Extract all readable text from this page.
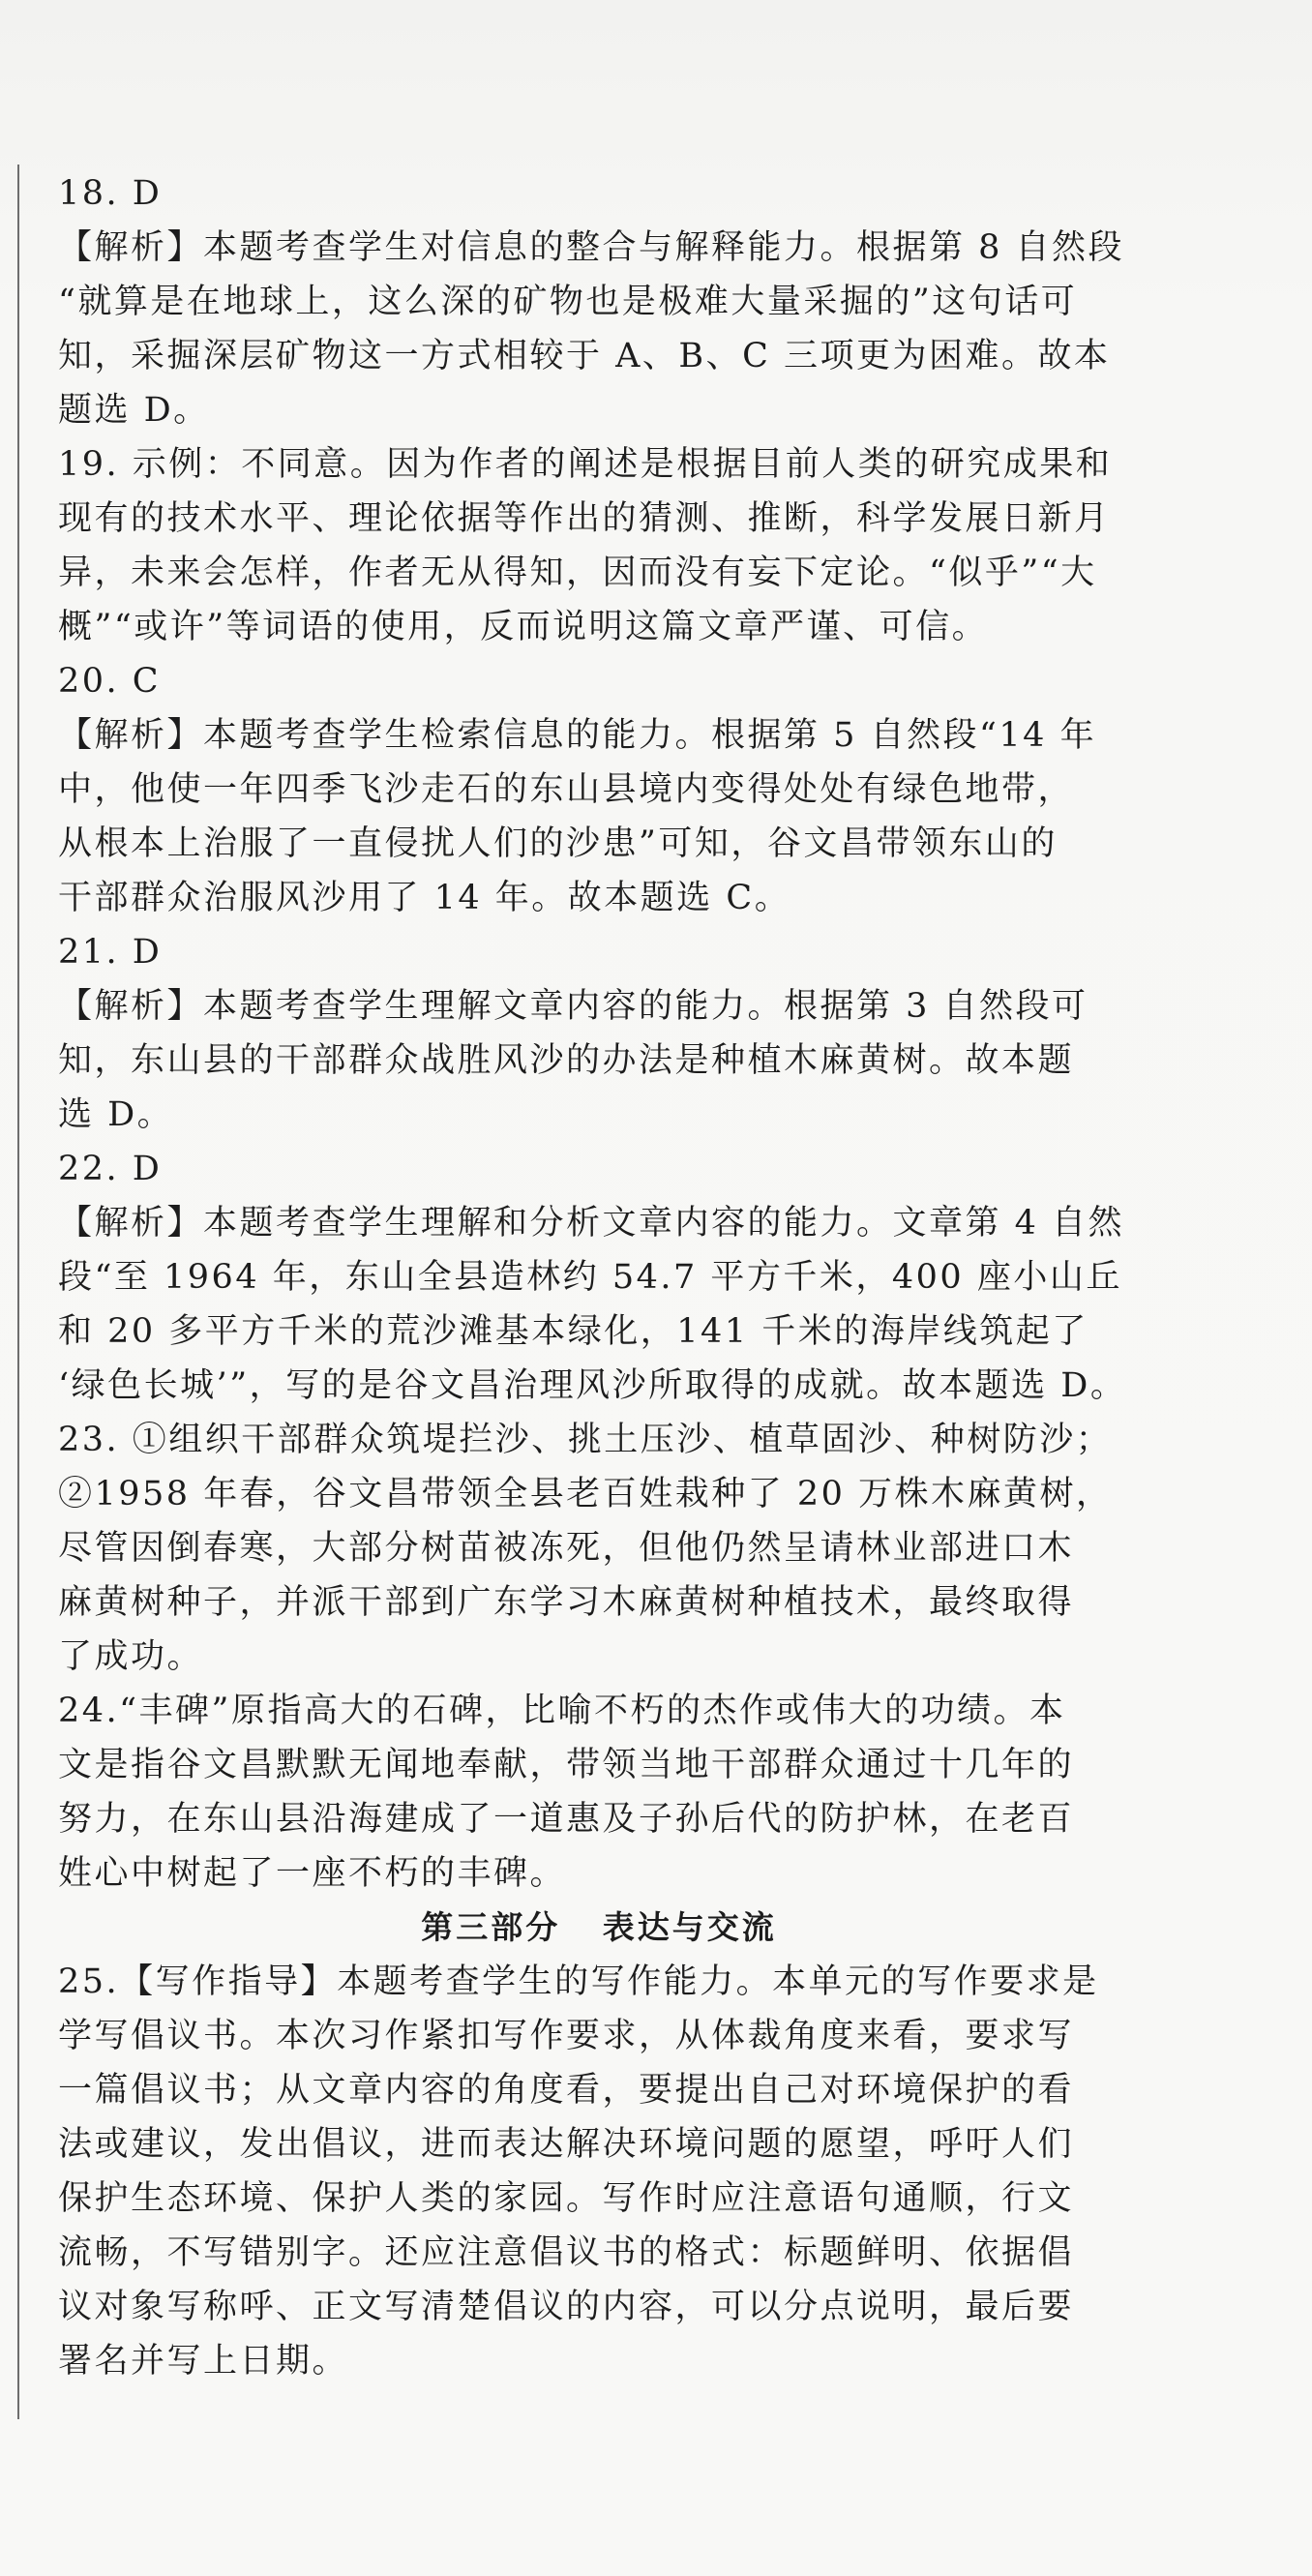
18. D
【解析】本题考查学生对信息的整合与解释能力。根据第 8 自然段
“就算是在地球上，这么深的矿物也是极难大量采掘的”这句话可
知，采掘深层矿物这一方式相较于 A、B、C 三项更为困难。故本
题选 D。
19. 示例：不同意。因为作者的阐述是根据目前人类的研究成果和
现有的技术水平、理论依据等作出的猜测、推断，科学发展日新月
异，未来会怎样，作者无从得知，因而没有妄下定论。“似乎”“大
概”“或许”等词语的使用，反而说明这篇文章严谨、可信。
20. C
【解析】本题考查学生检索信息的能力。根据第 5 自然段“14 年
中，他使一年四季飞沙走石的东山县境内变得处处有绿色地带，
从根本上治服了一直侵扰人们的沙患”可知，谷文昌带领东山的
干部群众治服风沙用了 14 年。故本题选 C。
21. D
【解析】本题考查学生理解文章内容的能力。根据第 3 自然段可
知，东山县的干部群众战胜风沙的办法是种植木麻黄树。故本题
选 D。
22. D
【解析】本题考查学生理解和分析文章内容的能力。文章第 4 自然
段“至 1964 年，东山全县造林约 54.7 平方千米，400 座小山丘
和 20 多平方千米的荒沙滩基本绿化，141 千米的海岸线筑起了
‘绿色长城’”，写的是谷文昌治理风沙所取得的成就。故本题选 D。
23. ①组织干部群众筑堤拦沙、挑土压沙、植草固沙、种树防沙；
②1958 年春，谷文昌带领全县老百姓栽种了 20 万株木麻黄树，
尽管因倒春寒，大部分树苗被冻死，但他仍然呈请林业部进口木
麻黄树种子，并派干部到广东学习木麻黄树种植技术，最终取得
了成功。
24.“丰碑”原指高大的石碑，比喻不朽的杰作或伟大的功绩。本
文是指谷文昌默默无闻地奉献，带领当地干部群众通过十几年的
努力，在东山县沿海建成了一道惠及子孙后代的防护林，在老百
姓心中树起了一座不朽的丰碑。
第三部分   表达与交流
25.【写作指导】本题考查学生的写作能力。本单元的写作要求是
学写倡议书。本次习作紧扣写作要求，从体裁角度来看，要求写
一篇倡议书；从文章内容的角度看，要提出自己对环境保护的看
法或建议，发出倡议，进而表达解决环境问题的愿望，呼吁人们
保护生态环境、保护人类的家园。写作时应注意语句通顺，行文
流畅，不写错别字。还应注意倡议书的格式：标题鲜明、依据倡
议对象写称呼、正文写清楚倡议的内容，可以分点说明，最后要
署名并写上日期。
